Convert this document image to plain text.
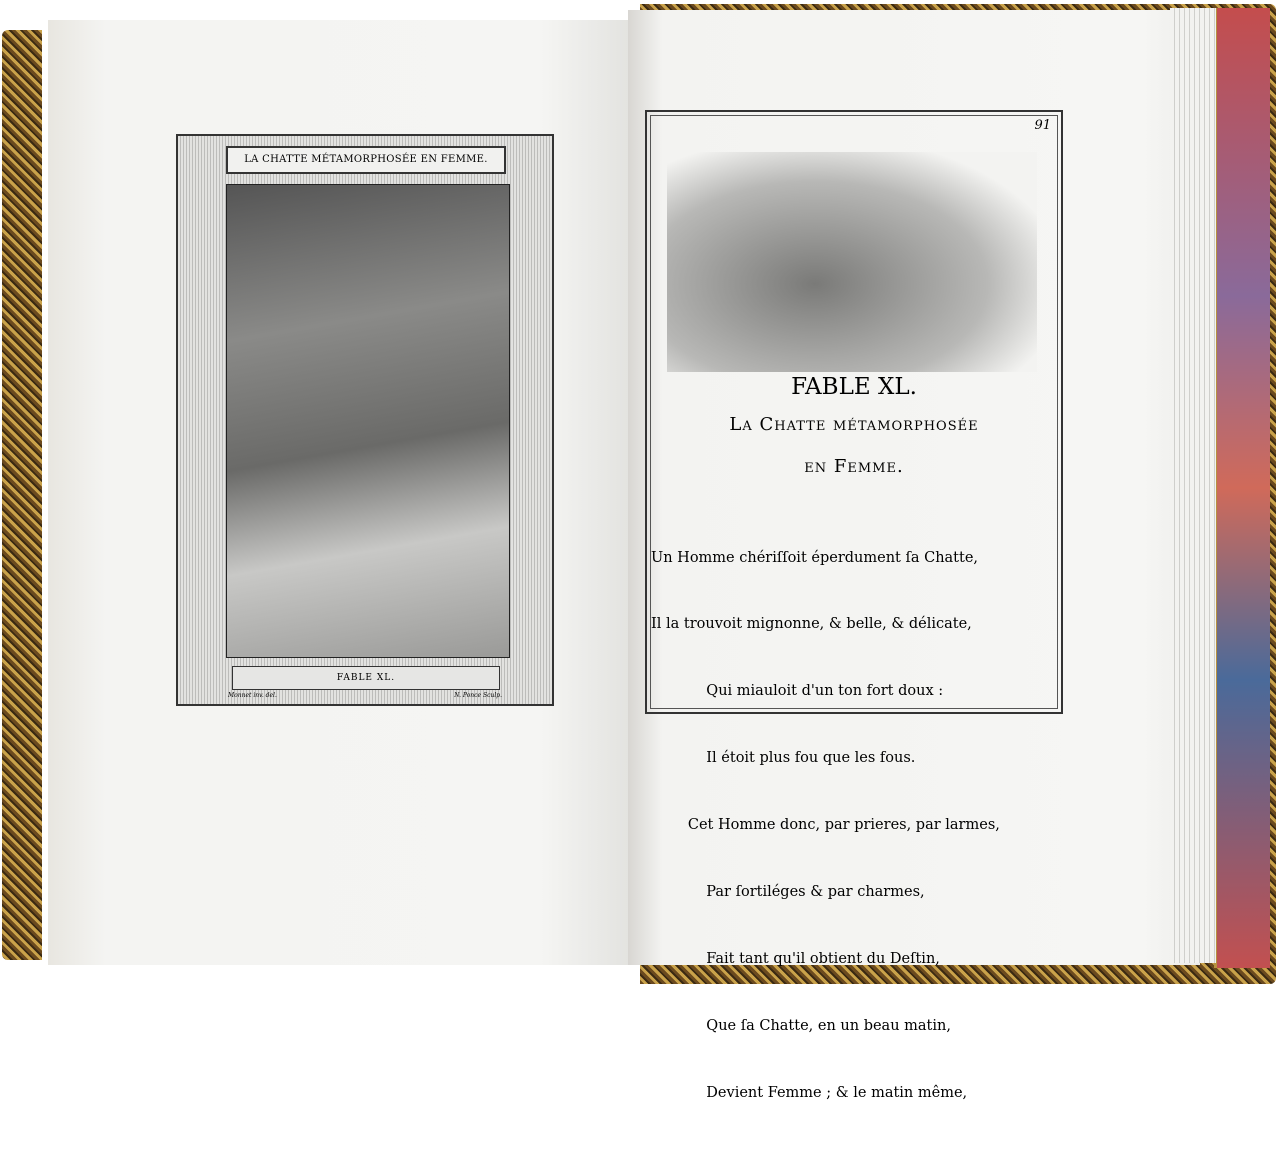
LA CHATTE MÉTAMORPHOSÉE EN FEMME.
FABLE XL.
Monnet inv. del.	N. Ponce Sculp.
91
FABLE XL.
La Chatte métamorphosée
en Femme.

Un Homme chériſſoit éperdument ſa Chatte,

Il la trouvoit mignonne, & belle, & délicate,

Qui miauloit d'un ton fort doux :

Il étoit plus fou que les fous.

Cet Homme donc, par prieres, par larmes,

Par ſortiléges & par charmes,

Fait tant qu'il obtient du Deſtin,

Que ſa Chatte, en un beau matin,

Devient Femme ; & le matin même,
